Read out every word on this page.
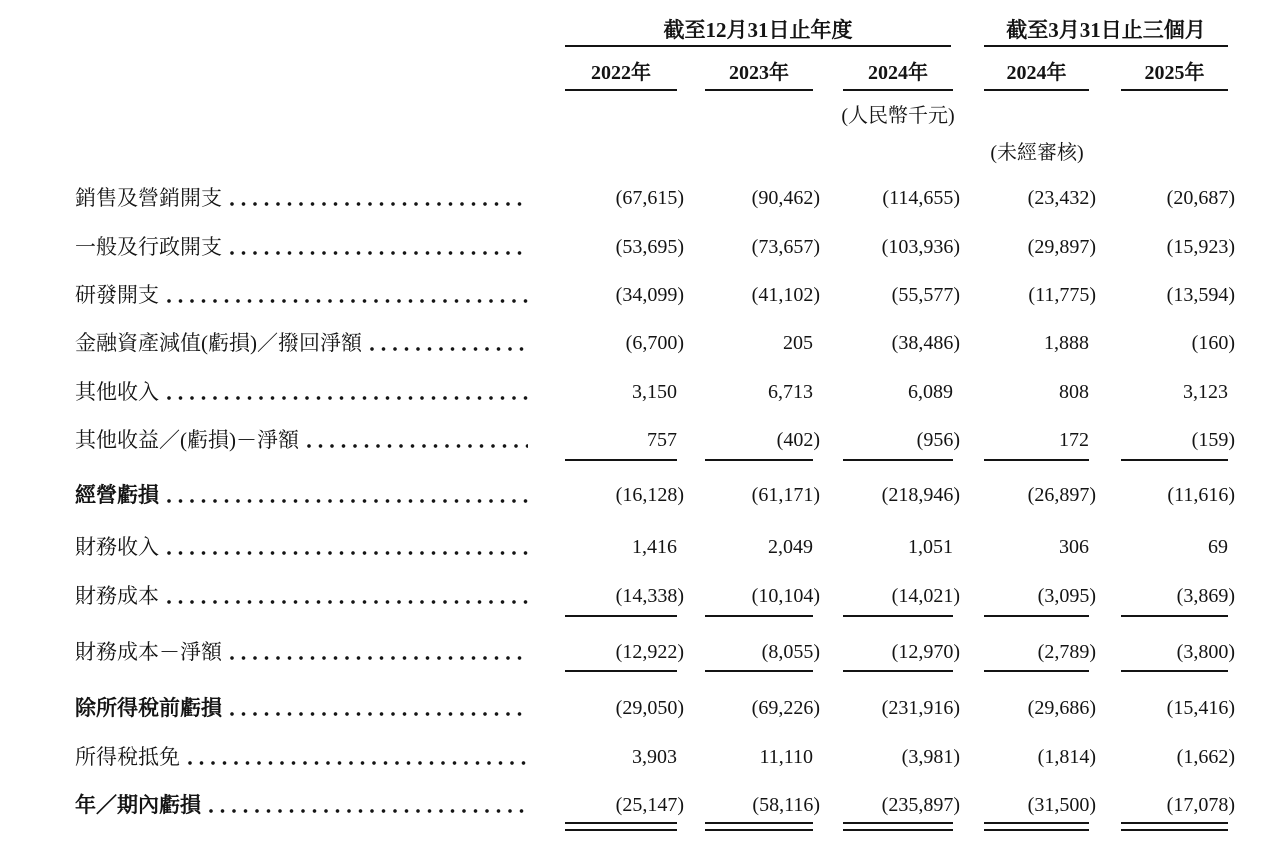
截至12月31日止年度	截至3月31日止三個月
(人民幣千元)
(未經審核)
2022年	2023年	2024年	2024年	2025年
銷售及營銷開支	(67,615)	(90,462)	(114,655)	(23,432)	(20,687)
一般及行政開支	(53,695)	(73,657)	(103,936)	(29,897)	(15,923)
研發開支	(34,099)	(41,102)	(55,577)	(11,775)	(13,594)
金融資產減值(虧損)／撥回淨額	(6,700)	205	(38,486)	1,888	(160)
其他收入	3,150	6,713	6,089	808	3,123
其他收益／(虧損)－淨額	757	(402)	(956)	172	(159)
經營虧損	(16,128)	(61,171)	(218,946)	(26,897)	(11,616)
財務收入	1,416	2,049	1,051	306	69
財務成本	(14,338)	(10,104)	(14,021)	(3,095)	(3,869)
財務成本－淨額	(12,922)	(8,055)	(12,970)	(2,789)	(3,800)
除所得稅前虧損	(29,050)	(69,226)	(231,916)	(29,686)	(15,416)
所得稅抵免	3,903	11,110	(3,981)	(1,814)	(1,662)
年／期內虧損	(25,147)	(58,116)	(235,897)	(31,500)	(17,078)
